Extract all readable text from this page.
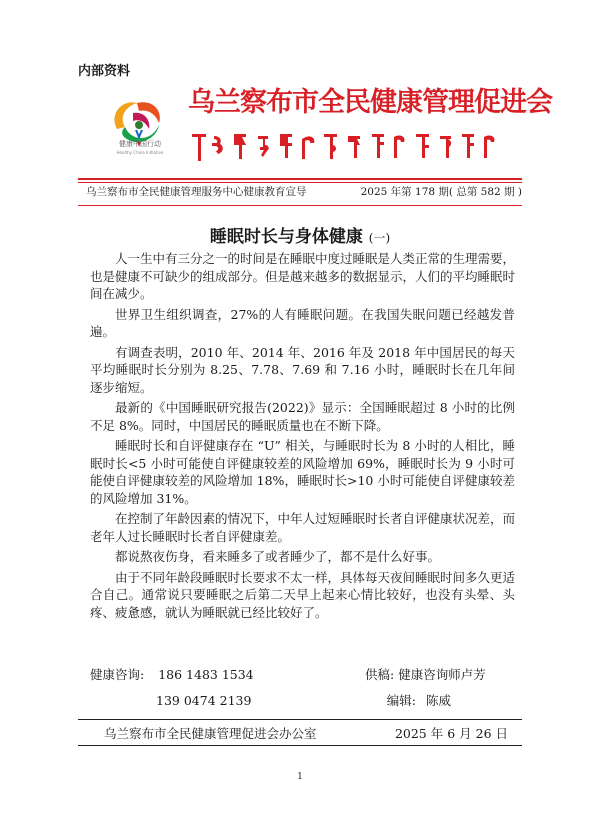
内部资料
健康中国行动
Healthy China Initiative
乌兰察布市全民健康管理促进会
乌兰察布市全民健康管理服务中心健康教育宣导	2025 年第 178 期( 总第 582 期 )
睡眠时长与身体健康 (一)

人一生中有三分之一的时间是在睡眠中度过睡眠是人类正常的生理需要，也是健康不可缺少的组成部分。但是越来越多的数据显示，人们的平均睡眠时间在减少。

世界卫生组织调查，27%的人有睡眠问题。在我国失眠问题已经越发普遍。

有调查表明，2010 年、2014 年、2016 年及 2018 年中国居民的每天平均睡眠时长分别为 8.25、7.78、7.69 和 7.16 小时，睡眠时长在几年间逐步缩短。

最新的《中国睡眠研究报告(2022)》显示：全国睡眠超过 8 小时的比例不足 8%。同时，中国居民的睡眠质量也在不断下降。

睡眠时长和自评健康存在 “U” 相关，与睡眠时长为 8 小时的人相比，睡眠时长<5 小时可能使自评健康较差的风险增加 69%，睡眠时长为 9 小时可能使自评健康较差的风险增加 18%，睡眠时长>10 小时可能使自评健康较差的风险增加 31%。

在控制了年龄因素的情况下，中年人过短睡眠时长者自评健康状况差，而老年人过长睡眠时长者自评健康差。

都说熬夜伤身，看来睡多了或者睡少了，都不是什么好事。

由于不同年龄段睡眠时长要求不太一样，具体每天夜间睡眠时间多久更适合自己。通常说只要睡眠之后第二天早上起来心情比较好，也没有头晕、头疼、疲惫感，就认为睡眠就已经比较好了。

健康咨询: 186 1483 1534	供稿: 健康咨询师卢芳
139 0474 2139	编辑: 陈威
乌兰察布市全民健康管理促进会办公室	2025 年 6 月 26 日
1
